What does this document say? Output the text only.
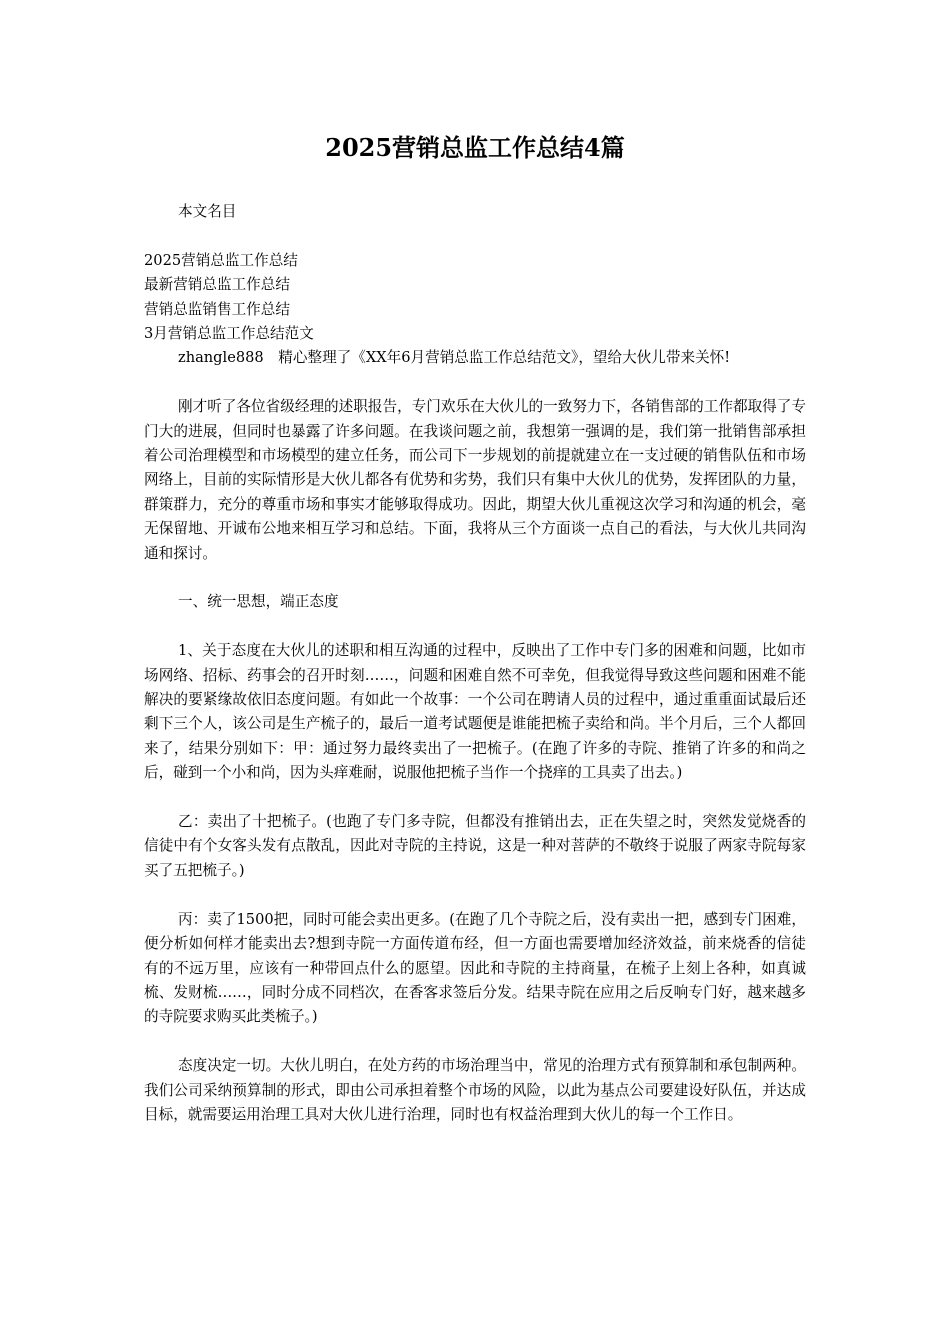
2025营销总监工作总结4篇

本文名目

2025营销总监工作总结

最新营销总监工作总结

营销总监销售工作总结

3月营销总监工作总结范文

zhangle888　精心整理了《XX年6月营销总监工作总结范文》，望给大伙儿带来关怀!

刚才听了各位省级经理的述职报告，专门欢乐在大伙儿的一致努力下，各销售部的工作都取得了专门大的进展，但同时也暴露了许多问题。在我谈问题之前，我想第一强调的是，我们第一批销售部承担着公司治理模型和市场模型的建立任务，而公司下一步规划的前提就建立在一支过硬的销售队伍和市场网络上，目前的实际情形是大伙儿都各有优势和劣势，我们只有集中大伙儿的优势，发挥团队的力量，群策群力，充分的尊重市场和事实才能够取得成功。因此，期望大伙儿重视这次学习和沟通的机会，毫无保留地、开诚布公地来相互学习和总结。下面，我将从三个方面谈一点自己的看法，与大伙儿共同沟通和探讨。

一、统一思想，端正态度

1、关于态度在大伙儿的述职和相互沟通的过程中，反映出了工作中专门多的困难和问题，比如市场网络、招标、药事会的召开时刻……，问题和困难自然不可幸免，但我觉得导致这些问题和困难不能解决的要紧缘故依旧态度问题。有如此一个故事：一个公司在聘请人员的过程中，通过重重面试最后还剩下三个人，该公司是生产梳子的，最后一道考试题便是谁能把梳子卖给和尚。半个月后，三个人都回来了，结果分别如下：甲：通过努力最终卖出了一把梳子。(在跑了许多的寺院、推销了许多的和尚之后，碰到一个小和尚，因为头痒难耐，说服他把梳子当作一个挠痒的工具卖了出去。)

乙：卖出了十把梳子。(也跑了专门多寺院，但都没有推销出去，正在失望之时，突然发觉烧香的信徒中有个女客头发有点散乱，因此对寺院的主持说，这是一种对菩萨的不敬终于说服了两家寺院每家买了五把梳子。)

丙：卖了1500把，同时可能会卖出更多。(在跑了几个寺院之后，没有卖出一把，感到专门困难，便分析如何样才能卖出去?想到寺院一方面传道布经，但一方面也需要增加经济效益，前来烧香的信徒有的不远万里，应该有一种带回点什么的愿望。因此和寺院的主持商量，在梳子上刻上各种，如真诚梳、发财梳……，同时分成不同档次，在香客求签后分发。结果寺院在应用之后反响专门好，越来越多的寺院要求购买此类梳子。)

态度决定一切。大伙儿明白，在处方药的市场治理当中，常见的治理方式有预算制和承包制两种。我们公司采纳预算制的形式，即由公司承担着整个市场的风险，以此为基点公司要建设好队伍，并达成目标，就需要运用治理工具对大伙儿进行治理，同时也有权益治理到大伙儿的每一个工作日。
